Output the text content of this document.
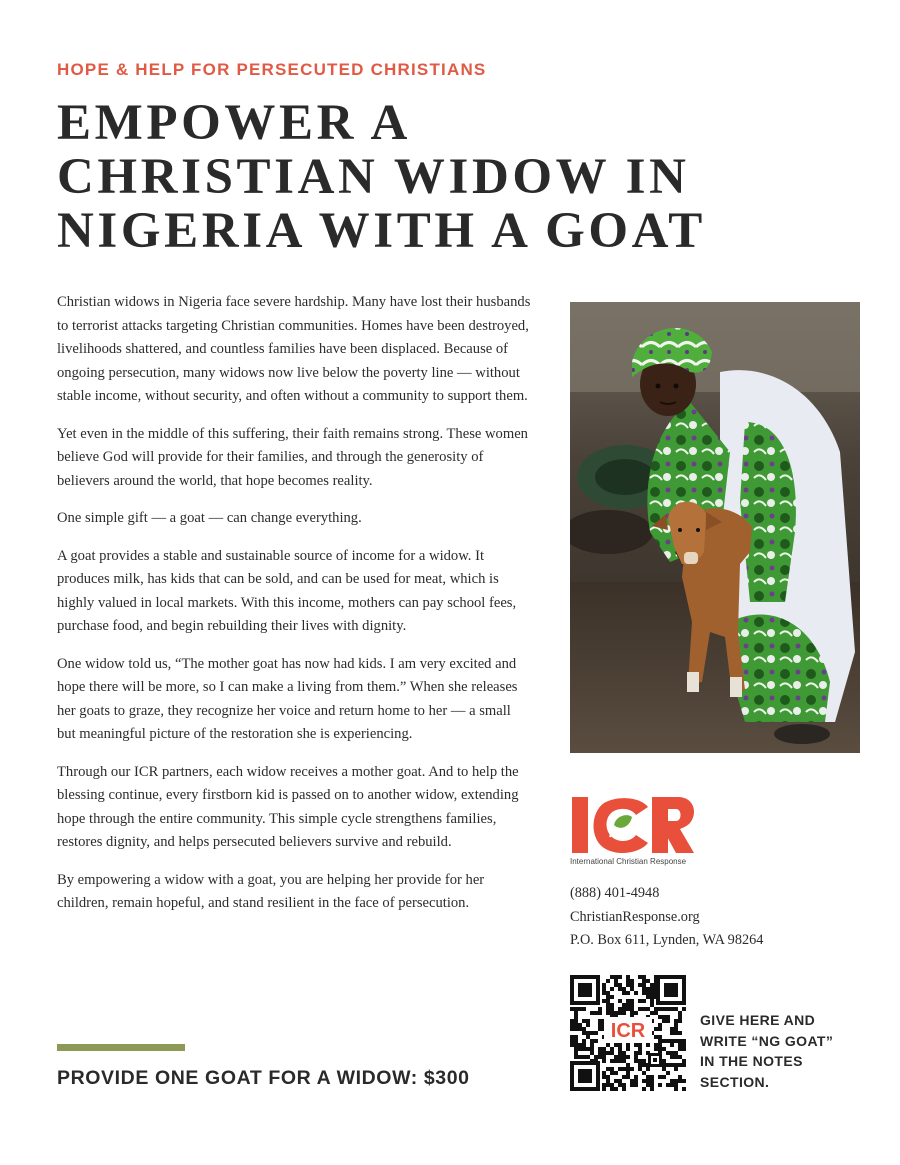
HOPE & HELP FOR PERSECUTED CHRISTIANS
EMPOWER A
CHRISTIAN WIDOW IN
NIGERIA WITH A GOAT

Christian widows in Nigeria face severe hardship. Many have lost their husbands to terrorist attacks targeting Christian communities. Homes have been destroyed, livelihoods shattered, and countless families have been displaced. Because of ongoing persecution, many widows now live below the poverty line — without stable income, without security, and often without a community to support them.

Yet even in the middle of this suffering, their faith remains strong. These women believe God will provide for their families, and through the generosity of believers around the world, that hope becomes reality.

One simple gift — a goat — can change everything.

A goat provides a stable and sustainable source of income for a widow. It produces milk, has kids that can be sold, and can be used for meat, which is highly valued in local markets. With this income, mothers can pay school fees, purchase food, and begin rebuilding their lives with dignity.

One widow told us, “The mother goat has now had kids. I am very excited and hope there will be more, so I can make a living from them.” When she releases her goats to graze, they recognize her voice and return home to her — a small but meaningful picture of the restoration she is experiencing.

Through our ICR partners, each widow receives a mother goat. And to help the blessing continue, every firstborn kid is passed on to another widow, extending hope through the entire community. This simple cycle strengthens families, restores dignity, and helps persecuted believers survive and rebuild.

By empowering a widow with a goat, you are helping her provide for her children, remain hopeful, and stand resilient in the face of persecution.

PROVIDE ONE GOAT FOR A WIDOW: $300
International Christian Response
(888) 401-4948
ChristianResponse.org
P.O. Box 611, Lynden, WA 98264
ICR	GIVE HERE AND
WRITE “NG GOAT”
IN THE NOTES
SECTION.
